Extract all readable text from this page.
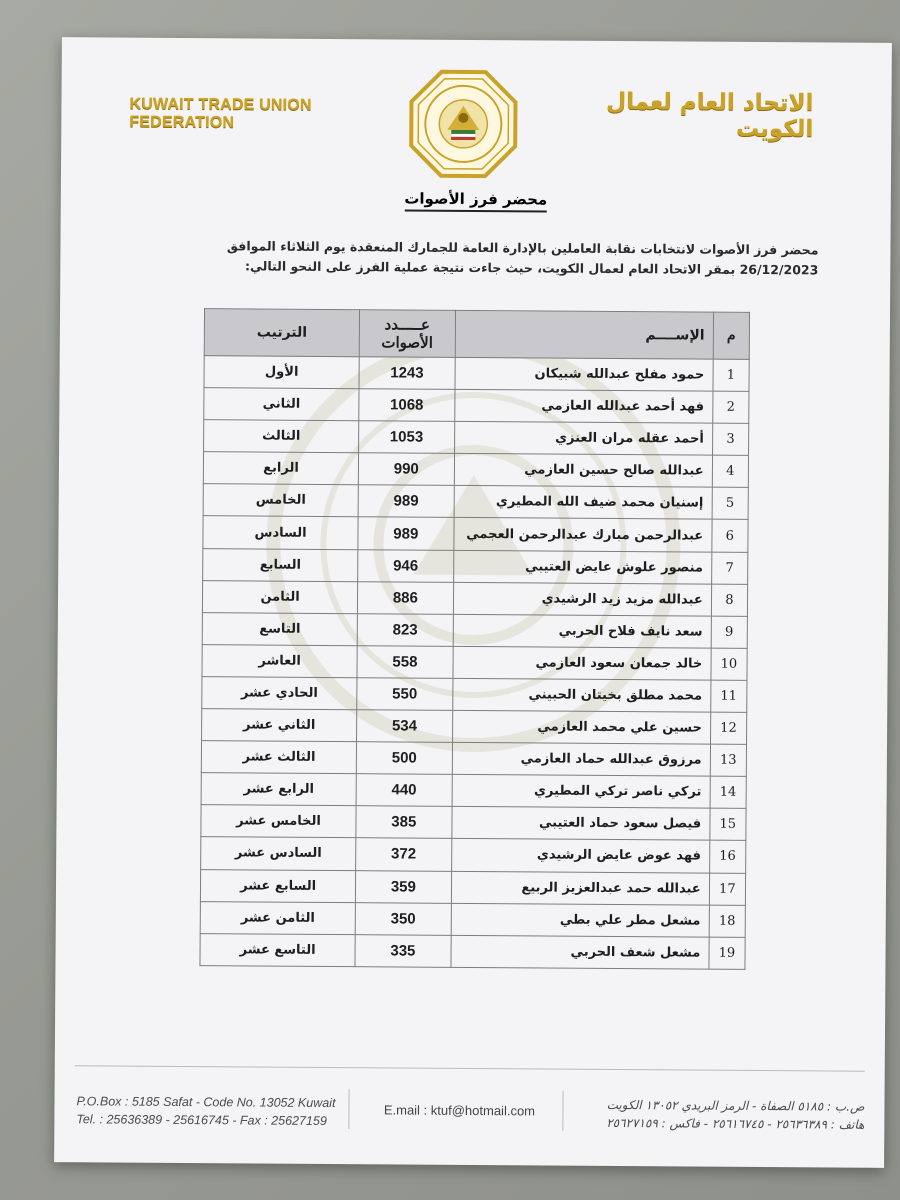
KUWAIT TRADE UNION FEDERATION
الاتحاد العام لعمال الكويت
محضر فرز الأصوات
محضر فرز الأصوات لانتخابات نقابة العاملين بالإدارة العامة للجمارك المنعقدة يوم الثلاثاء الموافق
26/12/2023 بمقر الاتحاد العام لعمال الكويت، حيث جاءت نتيجة عملية الفرز على النحو التالي:
م	الإســــم	عـــــدد الأصوات	الترتيب
1	حمود مفلح عبدالله شبيكان	1243	الأول
2	فهد أحمد عبدالله العازمي	1068	الثاني
3	أحمد عقله مران العنزي	1053	الثالث
4	عبدالله صالح حسين العازمي	990	الرابع
5	إسنيان محمد ضيف الله المطيري	989	الخامس
6	عبدالرحمن مبارك عبدالرحمن العجمي	989	السادس
7	منصور علوش عايض العتيبي	946	السابع
8	عبدالله مزيد زيد الرشيدي	886	الثامن
9	سعد نايف فلاح الحربي	823	التاسع
10	خالد جمعان سعود العازمي	558	العاشر
11	محمد مطلق بخيتان الحبيني	550	الحادي عشر
12	حسين علي محمد العازمي	534	الثاني عشر
13	مرزوق عبدالله حماد العازمي	500	الثالث عشر
14	تركي ناصر تركي المطيري	440	الرابع عشر
15	فيصل سعود حماد العتيبي	385	الخامس عشر
16	فهد عوض عايض الرشيدي	372	السادس عشر
17	عبدالله حمد عبدالعزيز الربيع	359	السابع عشر
18	مشعل مطر علي بطي	350	الثامن عشر
19	مشعل شعف الحربي	335	التاسع عشر
P.O.Box : 5185 Safat - Code No. 13052 Kuwait
Tel. : 25636389 - 25616745 - Fax : 25627159
E.mail : ktuf@hotmail.com	ص.ب : ٥١٨٥ الصفاة - الرمز البريدي ١٣٠٥٢ الكويت
هاتف : ٢٥٦٣٦٣٨٩ - ٢٥٦١٦٧٤٥ - فاكس : ٢٥٦٢٧١٥٩
